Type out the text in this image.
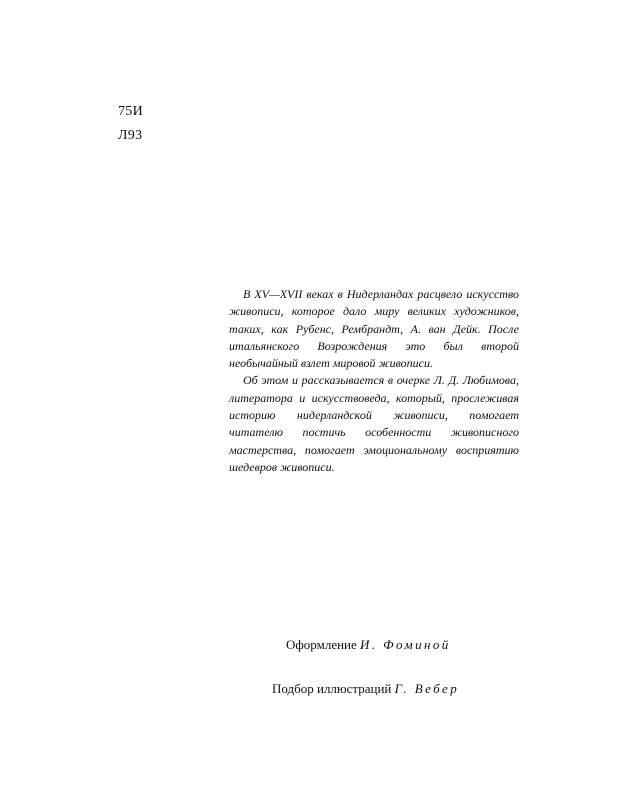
75И
Л93

В XV—XVII веках в Нидерландах расцвело искусство живописи, которое дало миру великих художников, таких, как Рубенс, Рембрандт, А. ван Дейк. После итальянского Возрождения это был второй необычайный взлет мировой живописи.

Об этом и рассказывается в очерке Л. Д. Любимова, литератора и искусствоведа, который, прослеживая историю нидерландской живописи, помогает читателю постичь особенности живописного мастерства, помогает эмоциональному восприятию шедевров живописи.

Оформление И. Фоминой
Подбор иллюстраций Г. Вебер
